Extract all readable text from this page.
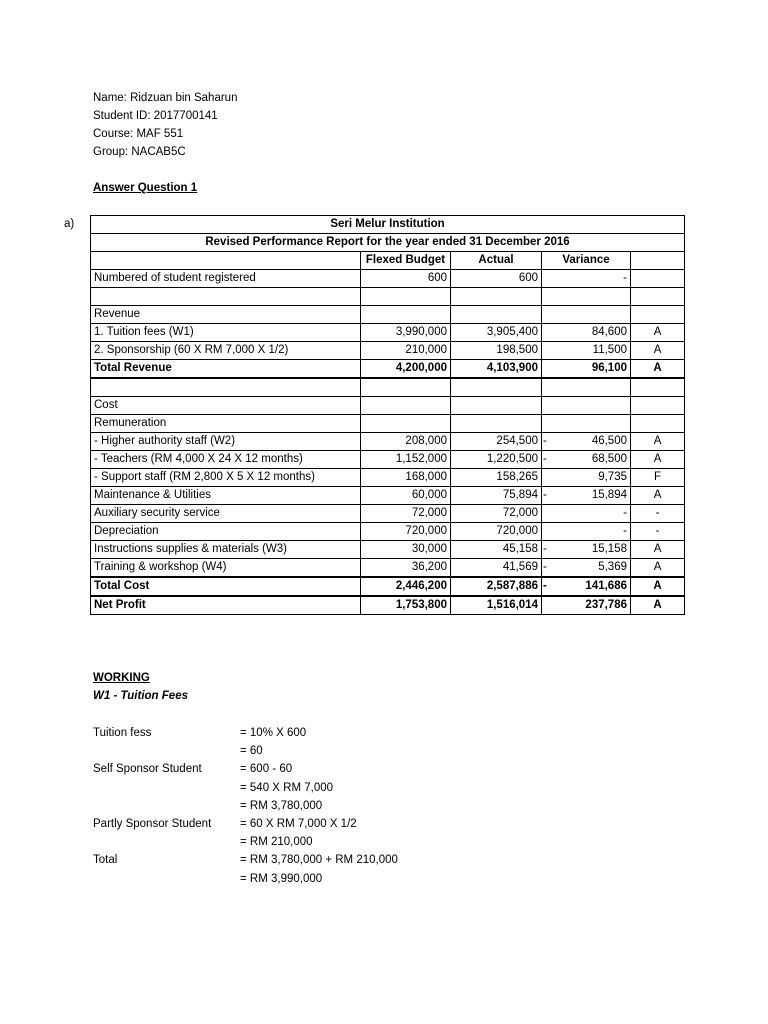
Name: Ridzuan bin Saharun
Student ID: 2017700141
Course: MAF 551
Group: NACAB5C
Answer Question 1
a)	Seri Melur Institution					
Revised Performance Report for the year ended 31 December 2016					
	Flexed Budget	Actual	Variance		
Numbered of student registered	600	600		-	

Revenue					
1. Tuition fees (W1)	3,990,000	3,905,400		84,600	A
2. Sponsorship (60 X RM 7,000 X 1/2)	210,000	198,500		11,500	A
Total Revenue	4,200,000	4,103,900		96,100	A

Cost					
Remuneration					
- Higher authority staff (W2)	208,000	254,500	-	46,500	A
- Teachers (RM 4,000 X 24 X 12 months)	1,152,000	1,220,500	-	68,500	A
- Support staff (RM 2,800 X 5 X 12 months)	168,000	158,265		9,735	F
Maintenance & Utilities	60,000	75,894	-	15,894	A
Auxiliary security service	72,000	72,000		-	-
Depreciation	720,000	720,000		-	-
Instructions supplies & materials (W3)	30,000	45,158	-	15,158	A
Training & workshop (W4)	36,200	41,569	-	5,369	A
Total Cost	2,446,200	2,587,886	-	141,686	A
Net Profit	1,753,800	1,516,014		237,786	A
WORKING
W1 - Tuition Fees
Tuition fess	= 10% X 600
= 60
Self Sponsor Student	= 600 - 60
= 540 X RM 7,000
= RM 3,780,000
Partly Sponsor Student = 60 X RM 7,000 X 1/2
= RM 210,000
Total	= RM 3,780,000 + RM 210,000
= RM 3,990,000
